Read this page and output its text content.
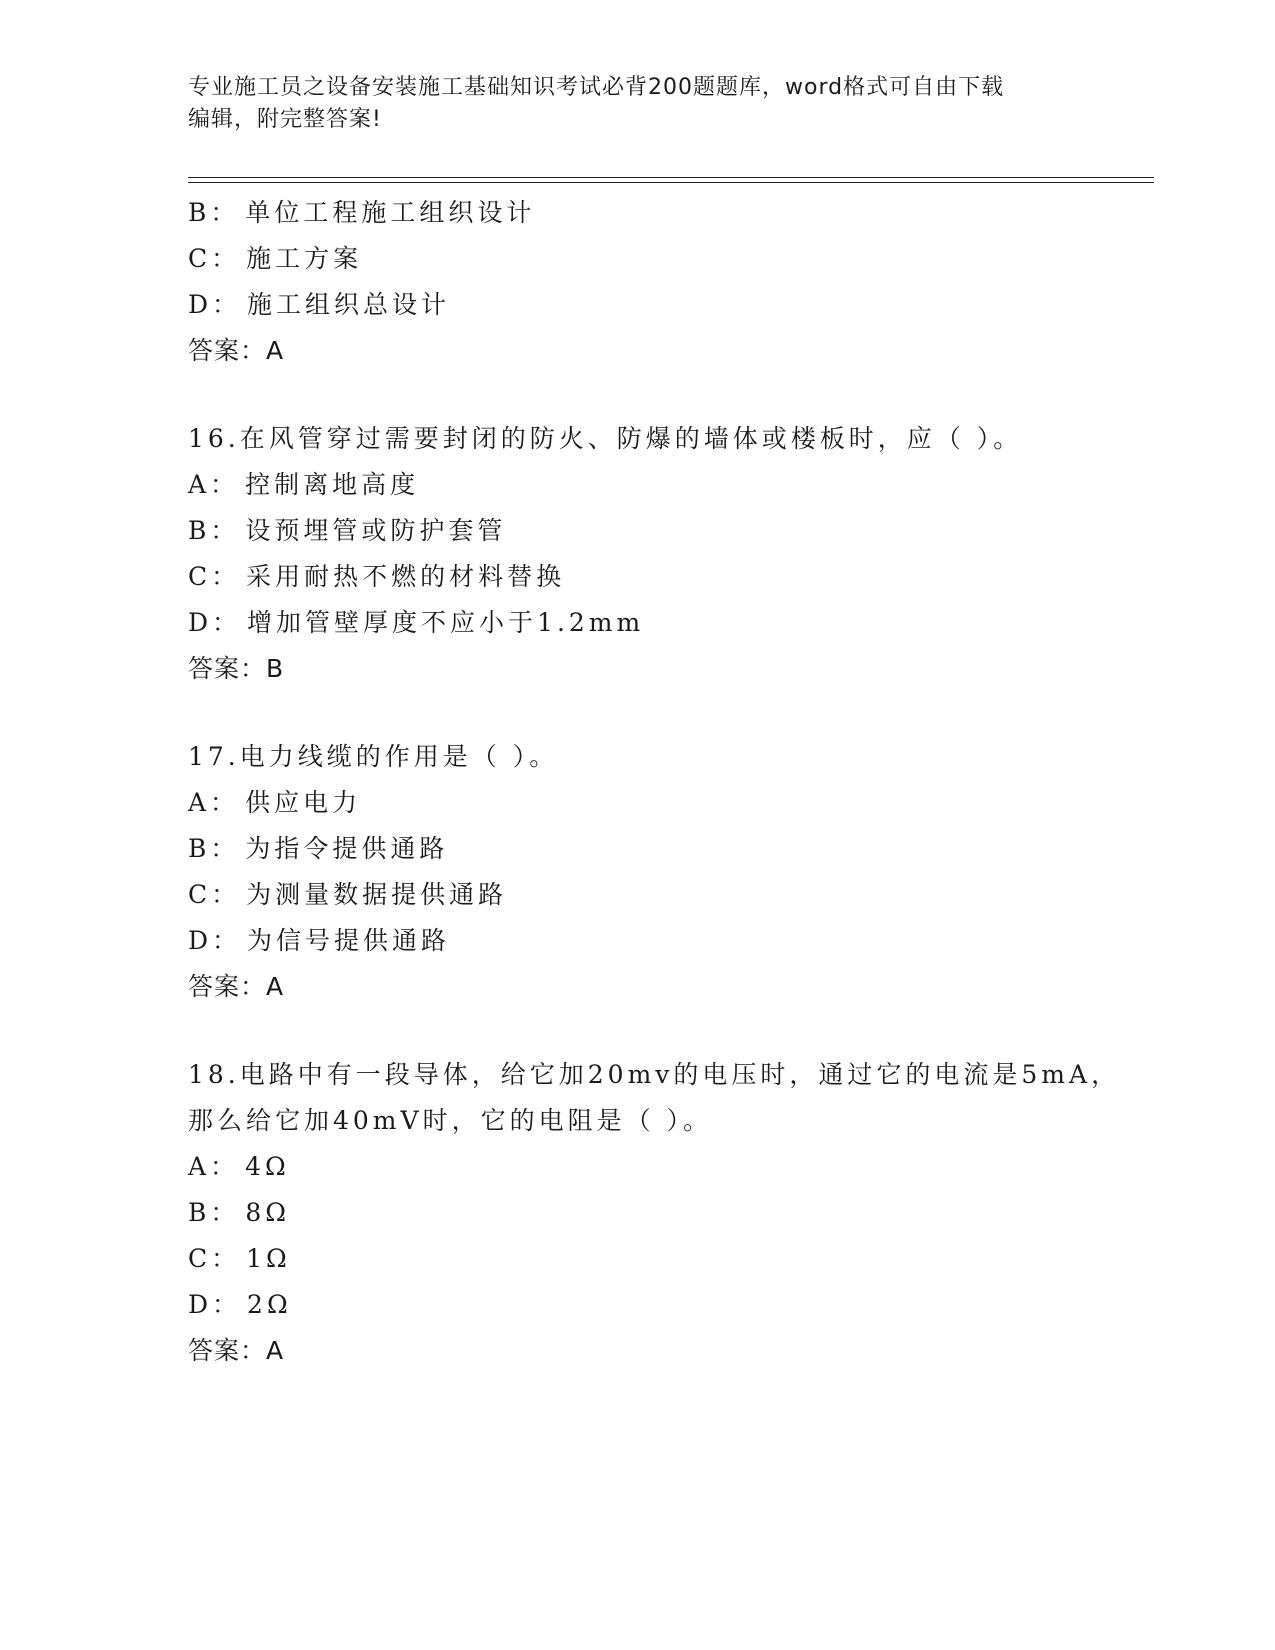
专业施工员之设备安装施工基础知识考试必背200题题库，word格式可自由下载
编辑，附完整答案!
B： 单位工程施工组织设计
C： 施工方案
D： 施工组织总设计
答案：A
16.在风管穿过需要封闭的防火、防爆的墙体或楼板时，应（ ）。
A： 控制离地高度
B： 设预埋管或防护套管
C： 采用耐热不燃的材料替换
D： 增加管壁厚度不应小于1.2mm
答案：B
17.电力线缆的作用是（ ）。
A： 供应电力
B： 为指令提供通路
C： 为测量数据提供通路
D： 为信号提供通路
答案：A
18.电路中有一段导体，给它加20mv的电压时，通过它的电流是5mA，
那么给它加40mV时，它的电阻是（ ）。
A： 4Ω
B： 8Ω
C： 1Ω
D： 2Ω
答案：A
